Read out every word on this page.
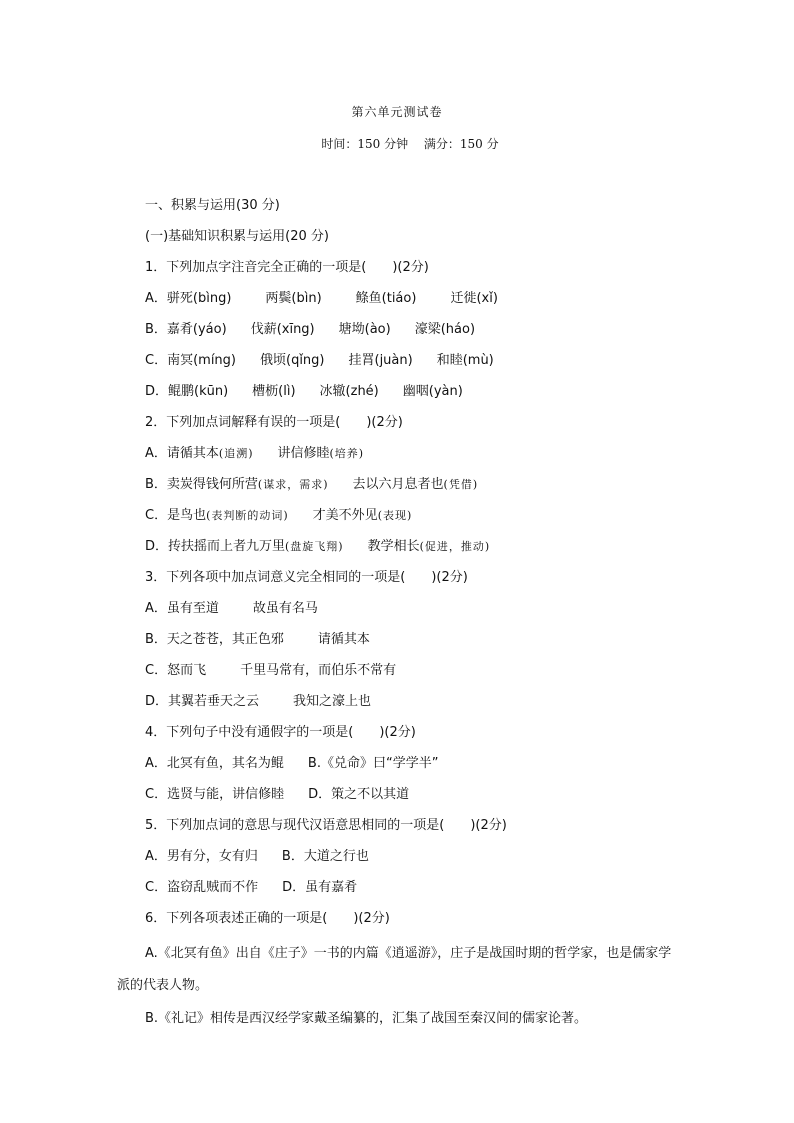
第六单元测试卷
时间：150 分钟 满分：150 分
一、积累与运用(30 分)
(一)基础知识积累与运用(20 分)
1．下列加点字注音完全正确的一项是(　　)(2分)
A．骈死(bìng)	两鬓(bìn)	鲦鱼(tiáo)	迁徙(xǐ)
B．嘉肴(yáo) 伐薪(xīng) 塘坳(ào) 濠梁(háo)
C．南冥(míng) 俄顷(qǐng) 挂罥(juàn) 和睦(mù)
D．鲲鹏(kūn) 槽枥(lì) 冰辙(zhé) 幽咽(yàn)
2．下列加点词解释有误的一项是(　　)(2分)
A．请循其本(追溯) 讲信修睦(培养)
B．卖炭得钱何所营(谋求，需求) 去以六月息者也(凭借)
C．是鸟也(表判断的动词) 才美不外见(表现)
D．抟扶摇而上者九万里(盘旋飞翔) 教学相长(促进，推动)
3．下列各项中加点词意义完全相同的一项是(　　)(2分)
A．虽有至道	故虽有名马
B．天之苍苍，其正色邪	请循其本
C．怒而飞	千里马常有，而伯乐不常有
D．其翼若垂天之云	我知之濠上也
4．下列句子中没有通假字的一项是(　　)(2分)
A．北冥有鱼，其名为鲲 B.《兑命》曰“学学半”
C．选贤与能，讲信修睦 D．策之不以其道
5．下列加点词的意思与现代汉语意思相同的一项是(　　)(2分)
A．男有分，女有归 B．大道之行也
C．盗窃乱贼而不作 D．虽有嘉肴
6．下列各项表述正确的一项是(　　)(2分)
A.《北冥有鱼》出自《庄子》一书的内篇《逍遥游》，庄子是战国时期的哲学家，也是儒家学派的代表人物。
B.《礼记》相传是西汉经学家戴圣编纂的，汇集了战国至秦汉间的儒家论著。
